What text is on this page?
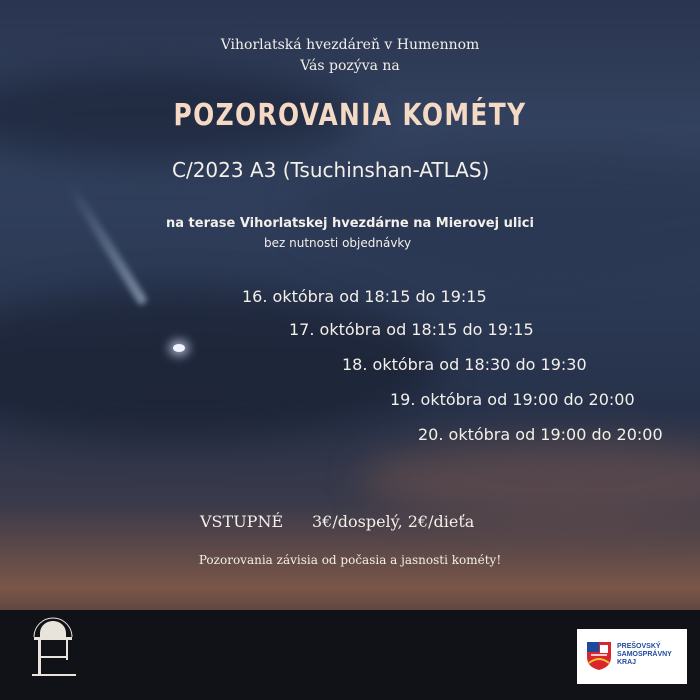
Vihorlatská hvezdáreň v Humennom
Vás pozýva na
POZOROVANIA KOMÉTY
C/2023 A3 (Tsuchinshan-ATLAS)
na terase Vihorlatskej hvezdárne na Mierovej ulici
bez nutnosti objednávky
16. októbra od 18:15 do 19:15
17. októbra od 18:15 do 19:15
18. októbra od 18:30 do 19:30
19. októbra od 19:00 do 20:00
20. októbra od 19:00 do 20:00
VSTUPNÉ 3€/dospelý, 2€/dieťa
Pozorovania závisia od počasia a jasnosti kométy!
PREŠOVSKÝ
SAMOSPRÁVNY
KRAJ
